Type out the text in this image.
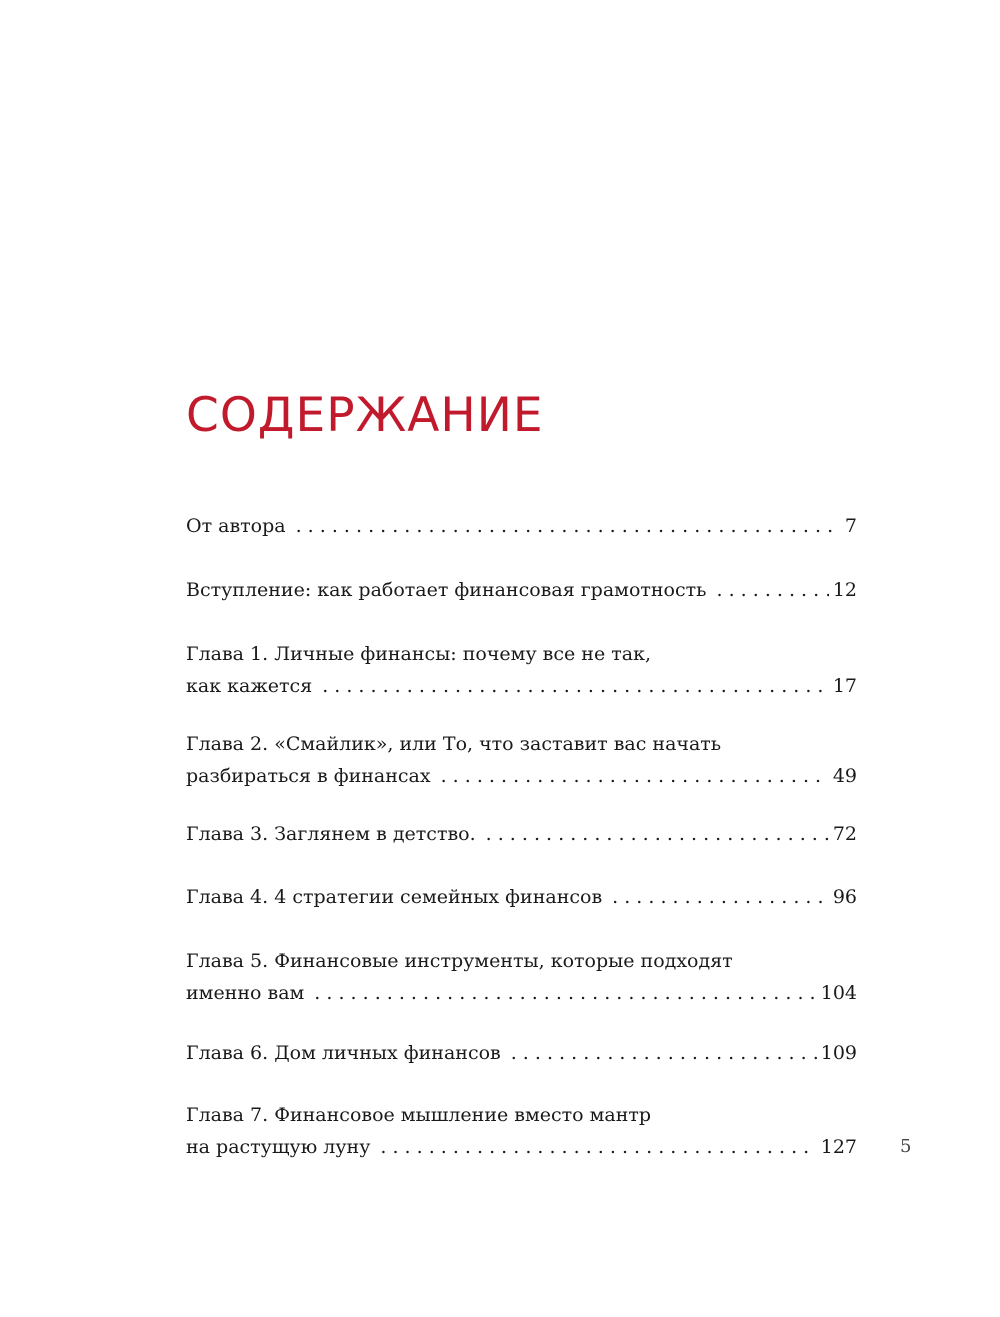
СОДЕРЖАНИЕ
От автора . . .	7
Вступление: как работает финансовая грамотность . . .	12
Глава 1. Личные финансы: почему все не так,
как кажется . . .	17
Глава 2. «Смайлик», или То, что заставит вас начать
разбираться в финансах . . .	49
Глава 3. Заглянем в детство. . . .	72
Глава 4. 4 стратегии семейных финансов . . .	96
Глава 5. Финансовые инструменты, которые подходят
именно вам . . .	104
Глава 6. Дом личных финансов . . .	109
Глава 7. Финансовое мышление вместо мантр
на растущую луну . . .	127 5
